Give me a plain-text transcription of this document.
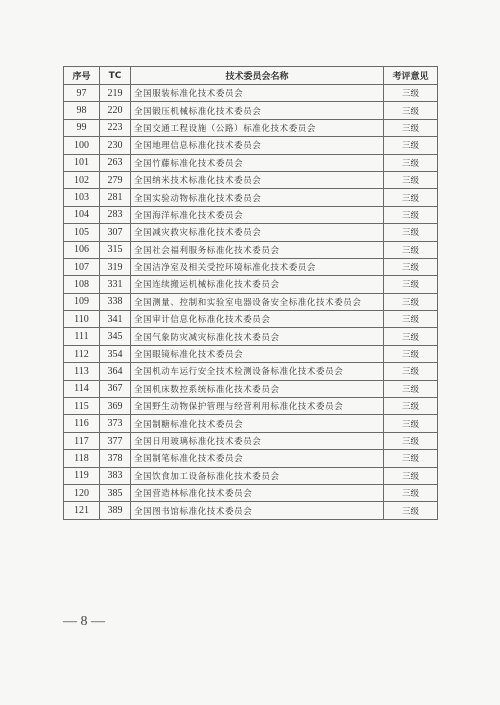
序号	TC	技术委员会名称	考评意见
97	219	全国服装标准化技术委员会	三级
98	220	全国锻压机械标准化技术委员会	三级
99	223	全国交通工程设施（公路）标准化技术委员会	三级
100	230	全国地理信息标准化技术委员会	三级
101	263	全国竹藤标准化技术委员会	三级
102	279	全国纳米技术标准化技术委员会	三级
103	281	全国实验动物标准化技术委员会	三级
104	283	全国海洋标准化技术委员会	三级
105	307	全国减灾救灾标准化技术委员会	三级
106	315	全国社会福利服务标准化技术委员会	三级
107	319	全国洁净室及相关受控环境标准化技术委员会	三级
108	331	全国连续搬运机械标准化技术委员会	三级
109	338	全国测量、控制和实验室电器设备安全标准化技术委员会	三级
110	341	全国审计信息化标准化技术委员会	三级
111	345	全国气象防灾减灾标准化技术委员会	三级
112	354	全国眼镜标准化技术委员会	三级
113	364	全国机动车运行安全技术检测设备标准化技术委员会	三级
114	367	全国机床数控系统标准化技术委员会	三级
115	369	全国野生动物保护管理与经营利用标准化技术委员会	三级
116	373	全国制糖标准化技术委员会	三级
117	377	全国日用玻璃标准化技术委员会	三级
118	378	全国制笔标准化技术委员会	三级
119	383	全国饮食加工设备标准化技术委员会	三级
120	385	全国营造林标准化技术委员会	三级
121	389	全国图书馆标准化技术委员会	三级
— 8 —
